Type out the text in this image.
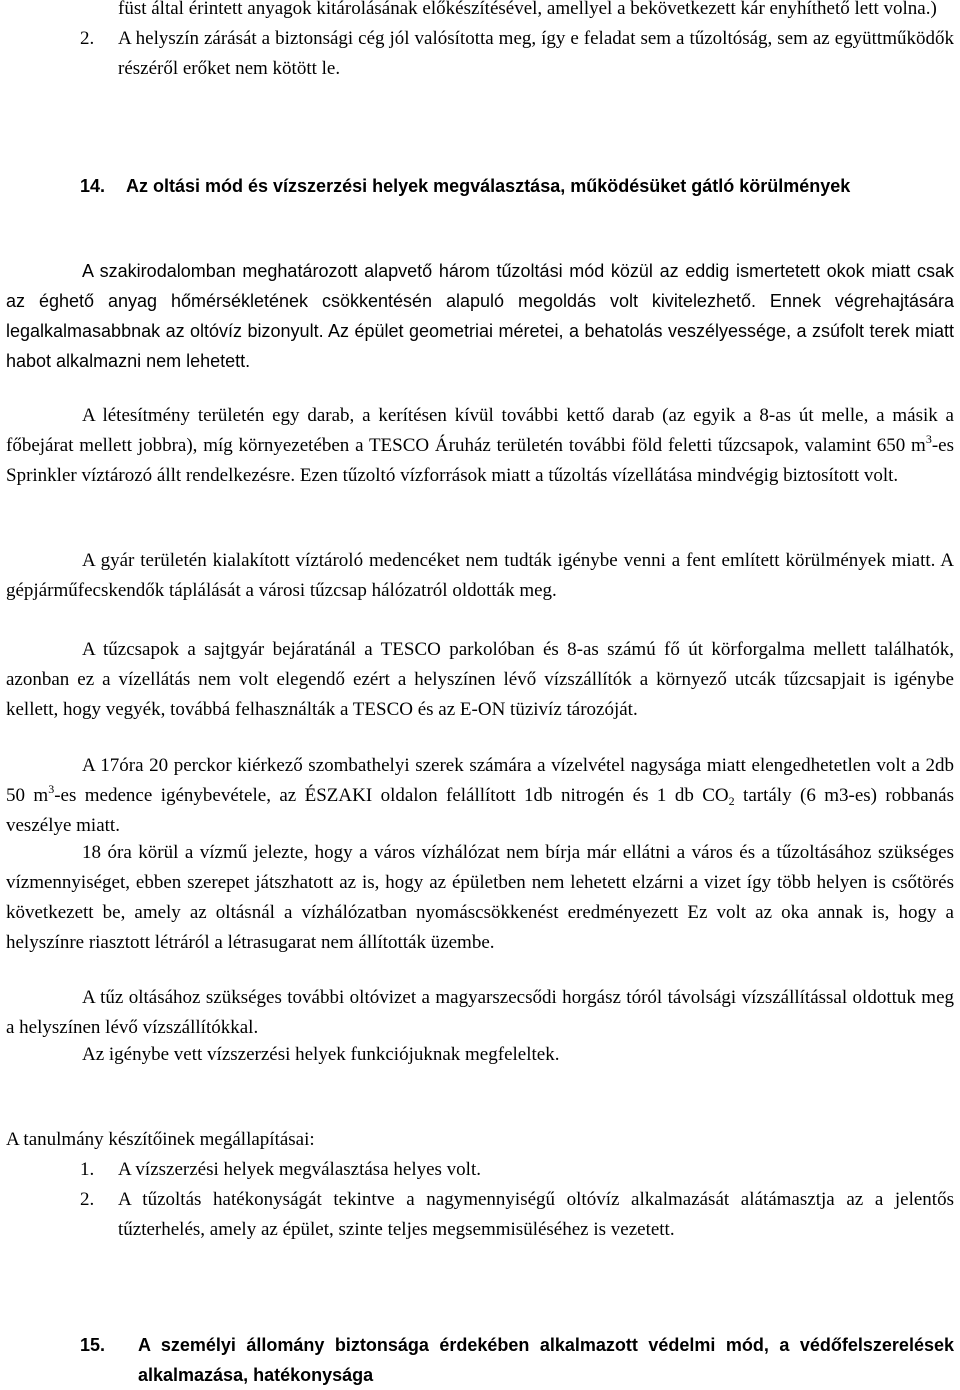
füst által érintett anyagok kitárolásának előkészítésével, amellyel a bekövetkezett kár enyhíthető lett volna.)

2. A helyszín zárását a biztonsági cég jól valósította meg, így e feladat sem a tűzoltóság, sem az együttműködők részéről erőket nem kötött le.
14. Az oltási mód és vízszerzési helyek megválasztása, működésüket gátló körülmények

A szakirodalomban meghatározott alapvető három tűzoltási mód közül az eddig ismertetett okok miatt csak az éghető anyag hőmérsékletének csökkentésén alapuló megoldás volt kivitelezhető. Ennek végrehajtására legalkalmasabbnak az oltóvíz bizonyult. Az épület geometriai méretei, a behatolás veszélyessége, a zsúfolt terek miatt habot alkalmazni nem lehetett.

A létesítmény területén egy darab, a kerítésen kívül további kettő darab (az egyik a 8-as út melle, a másik a főbejárat mellett jobbra), míg környezetében a TESCO Áruház területén további föld feletti tűzcsapok, valamint 650 $m^3-es$ Sprinkler víztározó állt rendelkezésre. Ezen tűzoltó vízforrások miatt a tűzoltás vízellátása mindvégig biztosított volt.

A gyár területén kialakított víztároló medencéket nem tudták igénybe venni a fent említett körülmények miatt. A gépjárműfecskendők táplálását a városi tűzcsap hálózatról oldották meg.

A tűzcsapok a sajtgyár bejáratánál a TESCO parkolóban és 8-as számú fő út körforgalma mellett találhatók, azonban ez a vízellátás nem volt elegendő ezért a helyszínen lévő vízszállítók a környező utcák tűzcsapjait is igénybe kellett, hogy vegyék, továbbá felhasználták a TESCO és az E-ON tüzivíz tározóját.

A 17óra 20 perckor kiérkező szombathelyi szerek számára a vízelvétel nagysága miatt elengedhetetlen volt a 2db 50 $m^3-es$ medence igénybevétele, az ÉSZAKI oldalon felállított 1db nitrogén és 1 db $CO_2$ tartály (6 m3-es) robbanás veszélye miatt.

18 óra körül a vízmű jelezte, hogy a város vízhálózat nem bírja már ellátni a város és a tűzoltásához szükséges vízmennyiséget, ebben szerepet játszhatott az is, hogy az épületben nem lehetett elzárni a vizet így több helyen is csőtörés következett be, amely az oltásnál a vízhálózatban nyomáscsökkenést eredményezett Ez volt az oka annak is, hogy a helyszínre riasztott létráról a létrasugarat nem állították üzembe.

A tűz oltásához szükséges további oltóvizet a magyarszecsődi horgász tóról távolsági vízszállítással oldottuk meg a helyszínen lévő vízszállítókkal.

Az igénybe vett vízszerzési helyek funkciójuknak megfeleltek.

A tanulmány készítőinek megállapításai:

1. A vízszerzési helyek megválasztása helyes volt.
2. A tűzoltás hatékonyságát tekintve a nagymennyiségű oltóvíz alkalmazását alátámasztja az a jelentős tűzterhelés, amely az épület, szinte teljes megsemmisüléséhez is vezetett.
15. A személyi állomány biztonsága érdekében alkalmazott védelmi mód, a védőfelszerelések alkalmazása, hatékonysága
